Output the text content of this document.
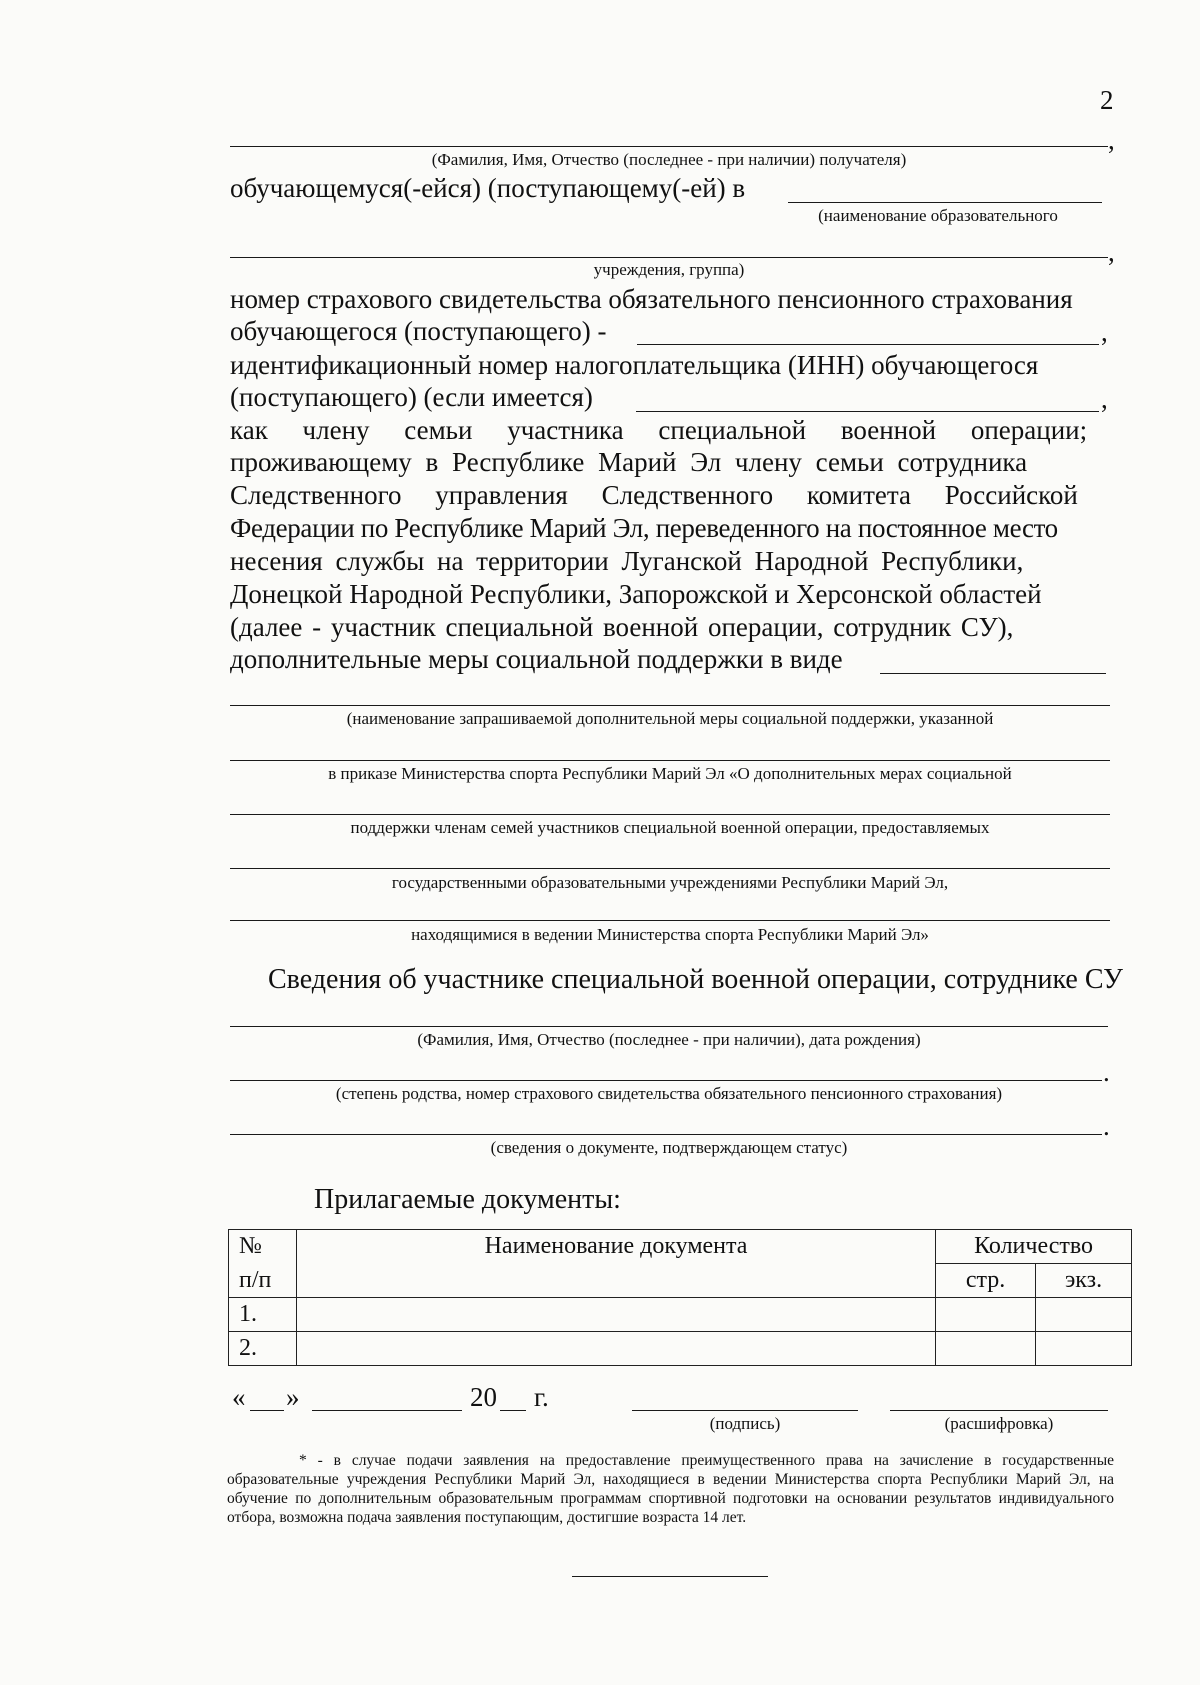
2
,
(Фамилия, Имя, Отчество (последнее - при наличии) получателя)
обучающемуся(-ейся) (поступающему(-ей) в
(наименование образовательного
,
учреждения, группа)
номер страхового свидетельства обязательного пенсионного страхования
обучающегося (поступающего) -	,
идентификационный номер налогоплательщика (ИНН) обучающегося
(поступающего) (если имеется)	,
как члену семьи участника специальной военной операции;
проживающему в Республике Марий Эл члену семьи сотрудника
Следственного управления Следственного комитета Российской
Федерации по Республике Марий Эл, переведенного на постоянное место
несения службы на территории Луганской Народной Республики,
Донецкой Народной Республики, Запорожской и Херсонской областей
(далее - участник специальной военной операции, сотрудник СУ),
дополнительные меры социальной поддержки в виде
(наименование запрашиваемой дополнительной меры социальной поддержки, указанной
в приказе Министерства спорта Республики Марий Эл «О дополнительных мерах социальной
поддержки членам семей участников специальной военной операции, предоставляемых
государственными образовательными учреждениями Республики Марий Эл,
находящимися в ведении Министерства спорта Республики Марий Эл»
Сведения об участнике специальной военной операции, сотруднике СУ
(Фамилия, Имя, Отчество (последнее - при наличии), дата рождения)
.
(степень родства, номер страхового свидетельства обязательного пенсионного страхования)
.
(сведения о документе, подтверждающем статус)
Прилагаемые документы:
№	Наименование документа	Количество	
п/п		стр.	экз.
1.			
2.			
« »	20 г.
(подпись)	(расшифровка)
* - в случае подачи заявления на предоставление преимущественного права на зачисление в государственные образовательные учреждения Республики Марий Эл, находящиеся в ведении Министерства спорта Республики Марий Эл, на обучение по дополнительным образовательным программам спортивной подготовки на основании результатов индивидуального отбора, возможна подача заявления поступающим, достигшие возраста 14 лет.
